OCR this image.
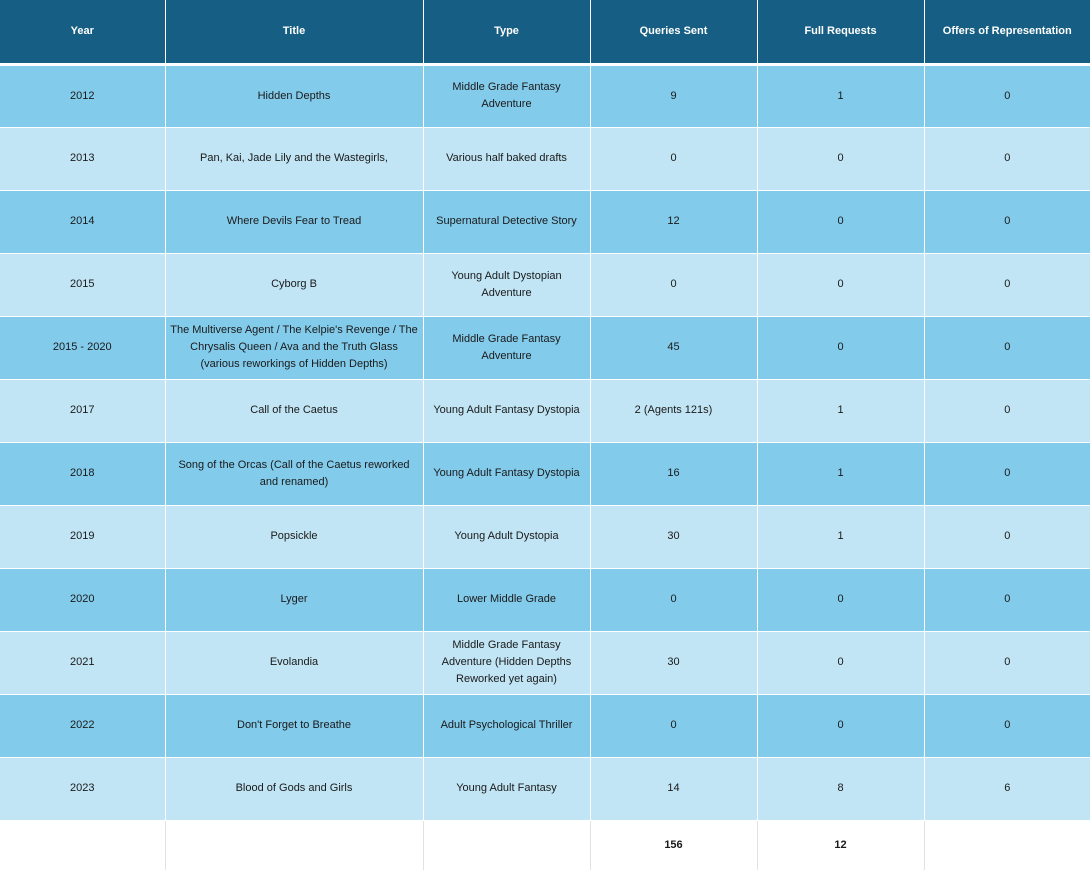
Year	Title	Type	Queries Sent	Full Requests	Offers of Representation
2012	Hidden Depths	Middle Grade Fantasy Adventure	9	1	0
2013	Pan, Kai, Jade Lily and the Wastegirls,	Various half baked drafts	0	0	0
2014	Where Devils Fear to Tread	Supernatural Detective Story	12	0	0
2015	Cyborg B	Young Adult Dystopian Adventure	0	0	0
2015 - 2020	The Multiverse Agent / The Kelpie's Revenge / The Chrysalis Queen / Ava and the Truth Glass (various reworkings of Hidden Depths)	Middle Grade Fantasy Adventure	45	0	0
2017	Call of the Caetus	Young Adult Fantasy Dystopia	2 (Agents 121s)	1	0
2018	Song of the Orcas (Call of the Caetus reworked and renamed)	Young Adult Fantasy Dystopia	16	1	0
2019	Popsickle	Young Adult Dystopia	30	1	0
2020	Lyger	Lower Middle Grade	0	0	0
2021	Evolandia	Middle Grade Fantasy Adventure (Hidden Depths Reworked yet again)	30	0	0
2022	Don't Forget to Breathe	Adult Psychological Thriller	0	0	0
2023	Blood of Gods and Girls	Young Adult Fantasy	14	8	6
			156	12	
